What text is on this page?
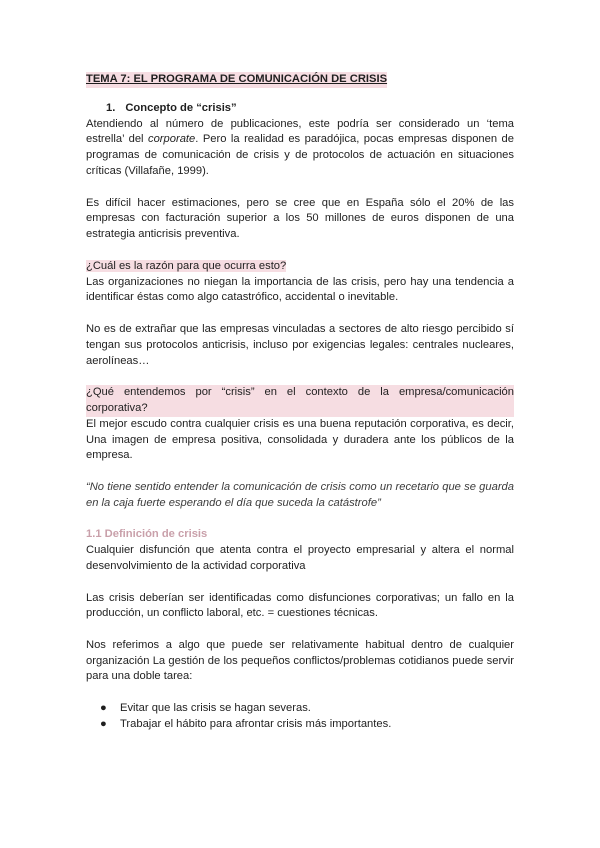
TEMA 7: EL PROGRAMA DE COMUNICACIÓN DE CRISIS
1. Concepto de “crisis”

Atendiendo al número de publicaciones, este podría ser considerado un ‘tema estrella’ del corporate. Pero la realidad es paradójica, pocas empresas disponen de programas de comunicación de crisis y de protocolos de actuación en situaciones críticas (Villafañe, 1999).

Es difícil hacer estimaciones, pero se cree que en España sólo el 20% de las empresas con facturación superior a los 50 millones de euros disponen de una estrategia anticrisis preventiva.

¿Cuál es la razón para que ocurra esto?

Las organizaciones no niegan la importancia de las crisis, pero hay una tendencia a identificar éstas como algo catastrófico, accidental o inevitable.

No es de extrañar que las empresas vinculadas a sectores de alto riesgo percibido sí tengan sus protocolos anticrisis, incluso por exigencias legales: centrales nucleares, aerolíneas…

¿Qué entendemos por “crisis” en el contexto de la empresa/comunicación corporativa?

El mejor escudo contra cualquier crisis es una buena reputación corporativa, es decir, Una imagen de empresa positiva, consolidada y duradera ante los públicos de la empresa.

“No tiene sentido entender la comunicación de crisis como un recetario que se guarda en la caja fuerte esperando el día que suceda la catástrofe”

1.1 Definición de crisis

Cualquier disfunción que atenta contra el proyecto empresarial y altera el normal desenvolvimiento de la actividad corporativa

Las crisis deberían ser identificadas como disfunciones corporativas; un fallo en la producción, un conflicto laboral, etc. = cuestiones técnicas.

Nos referimos a algo que puede ser relativamente habitual dentro de cualquier organización La gestión de los pequeños conflictos/problemas cotidianos puede servir para una doble tarea:

● Evitar que las crisis se hagan severas.
● Trabajar el hábito para afrontar crisis más importantes.
